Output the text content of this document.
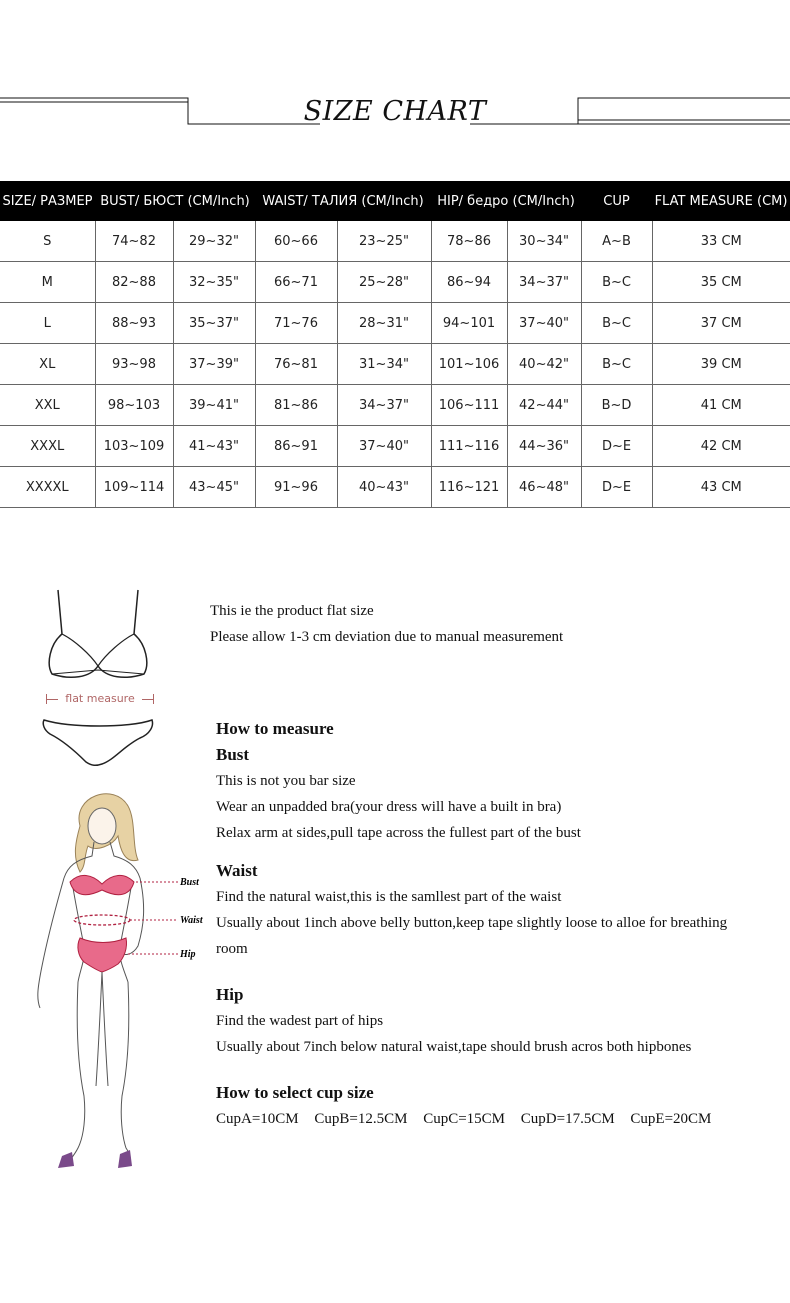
SIZE CHART
SIZE/ РАЗМЕР	BUST/ БЮСТ (CM/Inch)		WAIST/ ТАЛИЯ (CM/Inch)		HIP/ бедро (CM/Inch)		CUP	FLAT MEASURE (CM)
S	74~82	29~32"	60~66	23~25"	78~86	30~34"	A~B	33 CM
M	82~88	32~35"	66~71	25~28"	86~94	34~37"	B~C	35 CM
L	88~93	35~37"	71~76	28~31"	94~101	37~40"	B~C	37 CM
XL	93~98	37~39"	76~81	31~34"	101~106	40~42"	B~C	39 CM
XXL	98~103	39~41"	81~86	34~37"	106~111	42~44"	B~D	41 CM
XXXL	103~109	41~43"	86~91	37~40"	111~116	44~36"	D~E	42 CM
XXXXL	109~114	43~45"	91~96	40~43"	116~121	46~48"	D~E	43 CM
flat measure
Bust
Waist
Hip
This ie the product flat size
Please allow 1-3 cm deviation due to manual measurement
How to measure
Bust

This is not you bar size

Wear an unpadded bra(your dress will have a built in bra)

Relax arm at sides,pull tape across the fullest part of the bust

Waist

Find the natural waist,this is the samllest part of the waist

Usually about 1inch above belly button,keep tape slightly loose to alloe for breathing room

Hip

Find the wadest part of hips

Usually about 7inch below natural waist,tape should brush acros both hipbones

How to select cup size
CupA=10CM CupB=12.5CM CupC=15CM CupD=17.5CM CupE=20CM
